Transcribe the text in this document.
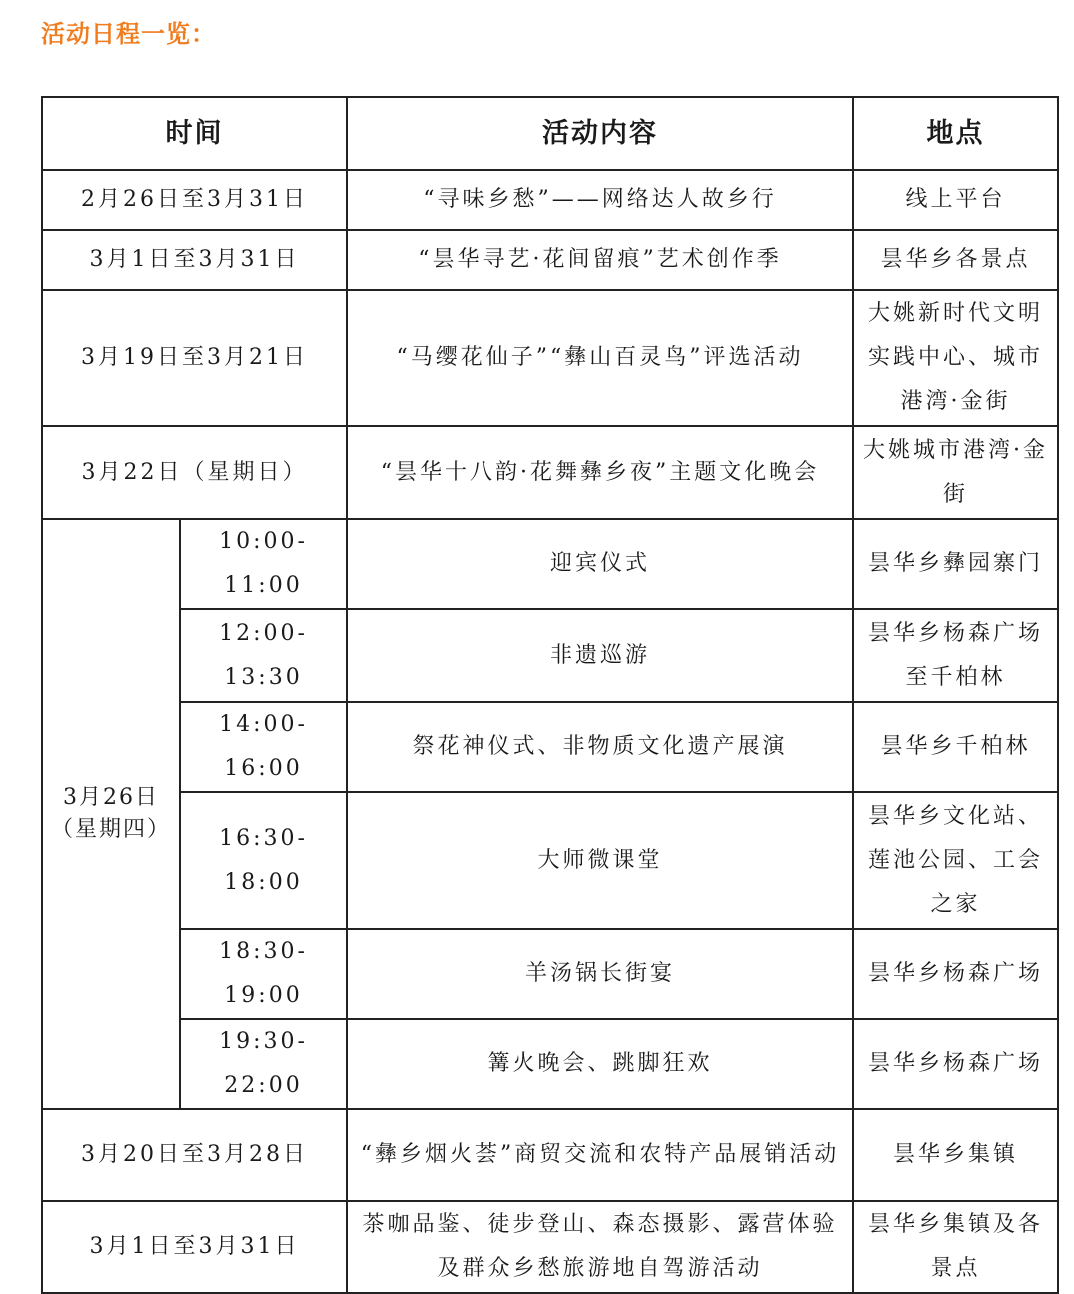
活动日程一览：
时间		活动内容	地点
2月26日至3月31日		“寻味乡愁”——网络达人故乡行	线上平台
3月1日至3月31日		“昙华寻艺·花间留痕”艺术创作季	昙华乡各景点
3月19日至3月21日		“马缨花仙子”“彝山百灵鸟”评选活动	大姚新时代文明实践中心、城市港湾·金街
3月22日（星期日）		“昙华十八韵·花舞彝乡夜”主题文化晚会	大姚城市港湾·金街

3月26日
（星期四）	10:00-11:00	迎宾仪式	昙华乡彝园寨门
	12:00-13:30	非遗巡游	昙华乡杨森广场至千柏林
	14:00-16:00	祭花神仪式、非物质文化遗产展演	昙华乡千柏林
	16:30-18:00	大师微课堂	昙华乡文化站、莲池公园、工会之家
	18:30-19:00	羊汤锅长街宴	昙华乡杨森广场
	19:30-22:00	篝火晚会、跳脚狂欢	昙华乡杨森广场
3月20日至3月28日		“彝乡烟火荟”商贸交流和农特产品展销活动	昙华乡集镇
3月1日至3月31日		茶咖品鉴、徒步登山、森态摄影、露营体验及群众乡愁旅游地自驾游活动	昙华乡集镇及各景点
